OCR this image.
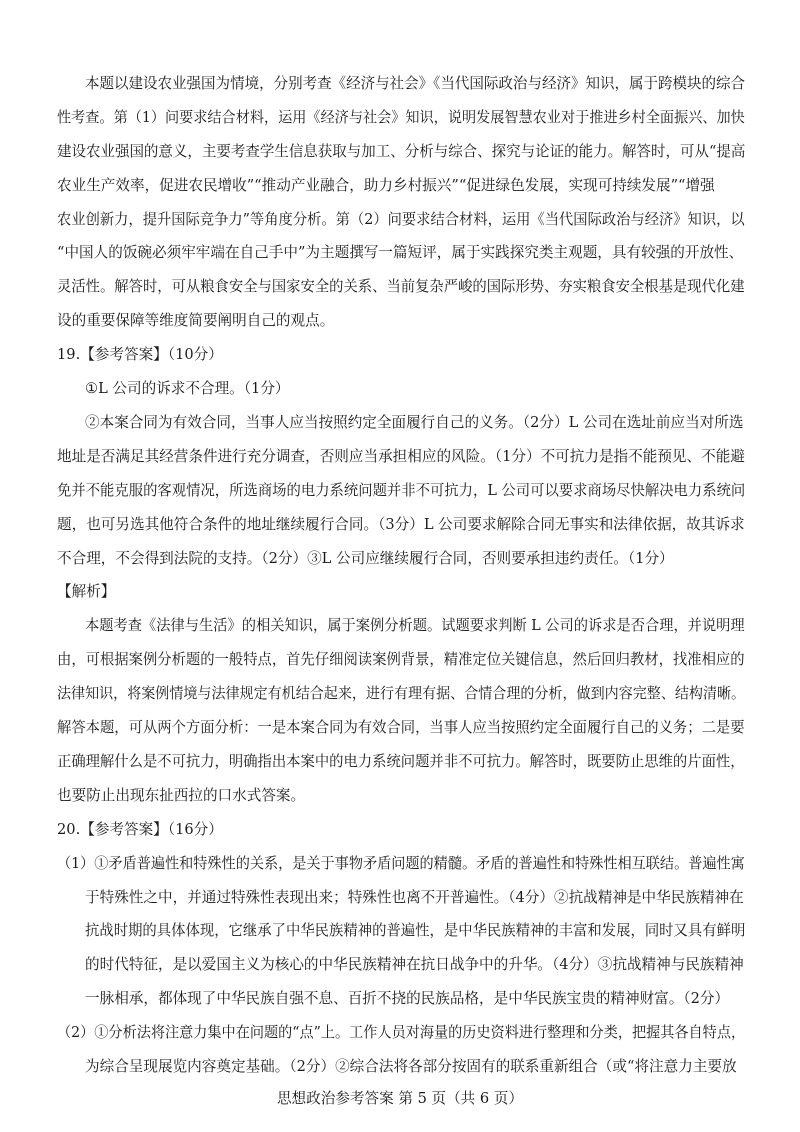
本题以建设农业强国为情境，分别考查《经济与社会》《当代国际政治与经济》知识，属于跨模块的综合
性考查。第（1）问要求结合材料，运用《经济与社会》知识，说明发展智慧农业对于推进乡村全面振兴、加快
建设农业强国的意义，主要考查学生信息获取与加工、分析与综合、探究与论证的能力。解答时，可从“提高
农业生产效率，促进农民增收”“推动产业融合，助力乡村振兴”“促进绿色发展，实现可持续发展”“增强
农业创新力，提升国际竞争力”等角度分析。第（2）问要求结合材料，运用《当代国际政治与经济》知识，以
“中国人的饭碗必须牢牢端在自己手中”为主题撰写一篇短评，属于实践探究类主观题，具有较强的开放性、
灵活性。解答时，可从粮食安全与国家安全的关系、当前复杂严峻的国际形势、夯实粮食安全根基是现代化建
设的重要保障等维度简要阐明自己的观点。
19.【参考答案】（10分）
①L 公司的诉求不合理。（1分）
②本案合同为有效合同，当事人应当按照约定全面履行自己的义务。（2分）L 公司在选址前应当对所选
地址是否满足其经营条件进行充分调查，否则应当承担相应的风险。（1分）不可抗力是指不能预见、不能避
免并不能克服的客观情况，所选商场的电力系统问题并非不可抗力，L 公司可以要求商场尽快解决电力系统问
题，也可另选其他符合条件的地址继续履行合同。（3分）L 公司要求解除合同无事实和法律依据，故其诉求
不合理，不会得到法院的支持。（2分）③L 公司应继续履行合同，否则要承担违约责任。（1分）
【解析】
本题考查《法律与生活》的相关知识，属于案例分析题。试题要求判断 L 公司的诉求是否合理，并说明理
由，可根据案例分析题的一般特点，首先仔细阅读案例背景，精准定位关键信息，然后回归教材，找准相应的
法律知识，将案例情境与法律规定有机结合起来，进行有理有据、合情合理的分析，做到内容完整、结构清晰。
解答本题，可从两个方面分析：一是本案合同为有效合同，当事人应当按照约定全面履行自己的义务；二是要
正确理解什么是不可抗力，明确指出本案中的电力系统问题并非不可抗力。解答时，既要防止思维的片面性，
也要防止出现东扯西拉的口水式答案。
20.【参考答案】（16分）
（1）①矛盾普遍性和特殊性的关系，是关于事物矛盾问题的精髓。矛盾的普遍性和特殊性相互联结。普遍性寓
于特殊性之中，并通过特殊性表现出来；特殊性也离不开普遍性。（4分）②抗战精神是中华民族精神在
抗战时期的具体体现，它继承了中华民族精神的普遍性，是中华民族精神的丰富和发展，同时又具有鲜明
的时代特征，是以爱国主义为核心的中华民族精神在抗日战争中的升华。（4分）③抗战精神与民族精神
一脉相承，都体现了中华民族自强不息、百折不挠的民族品格，是中华民族宝贵的精神财富。（2分）
（2）①分析法将注意力集中在问题的“点”上。工作人员对海量的历史资料进行整理和分类，把握其各自特点，
思想政治参考答案 第 5 页（共 6 页）
为综合呈现展览内容奠定基础。（2分）②综合法将各部分按固有的联系重新组合（或“将注意力主要放
